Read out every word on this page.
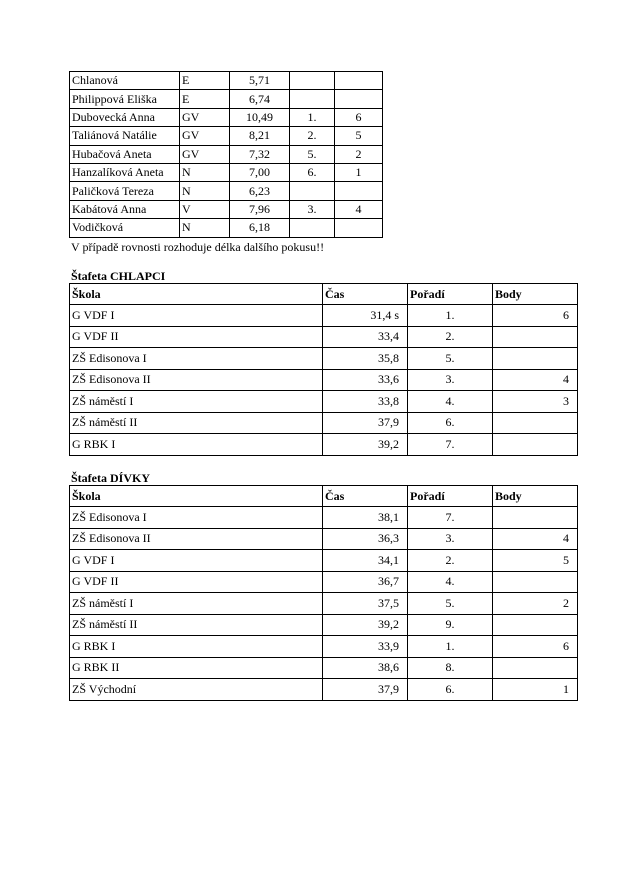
Chlanová	E	5,71		
Philippová Eliška	E	6,74		
Dubovecká Anna	GV	10,49	1.	6
Taliánová Natálie	GV	8,21	2.	5
Hubačová Aneta	GV	7,32	5.	2
Hanzalíková Aneta	N	7,00	6.	1
Paličková Tereza	N	6,23		
Kabátová Anna	V	7,96	3.	4
Vodičková	N	6,18		
V případě rovnosti rozhoduje délka dalšího pokusu!!
Štafeta CHLAPCI
Škola	Čas	Pořadí	Body
G VDF I	31,4 s	1.	6
G VDF II	33,4	2.	
ZŠ Edisonova I	35,8	5.	
ZŠ Edisonova II	33,6	3.	4
ZŠ náměstí I	33,8	4.	3
ZŠ náměstí II	37,9	6.	
G RBK I	39,2	7.	
Štafeta DÍVKY
Škola	Čas	Pořadí	Body
ZŠ Edisonova I	38,1	7.	
ZŠ Edisonova II	36,3	3.	4
G VDF I	34,1	2.	5
G VDF II	36,7	4.	
ZŠ náměstí I	37,5	5.	2
ZŠ náměstí II	39,2	9.	
G RBK I	33,9	1.	6
G RBK II	38,6	8.	
ZŠ Východní	37,9	6.	1
